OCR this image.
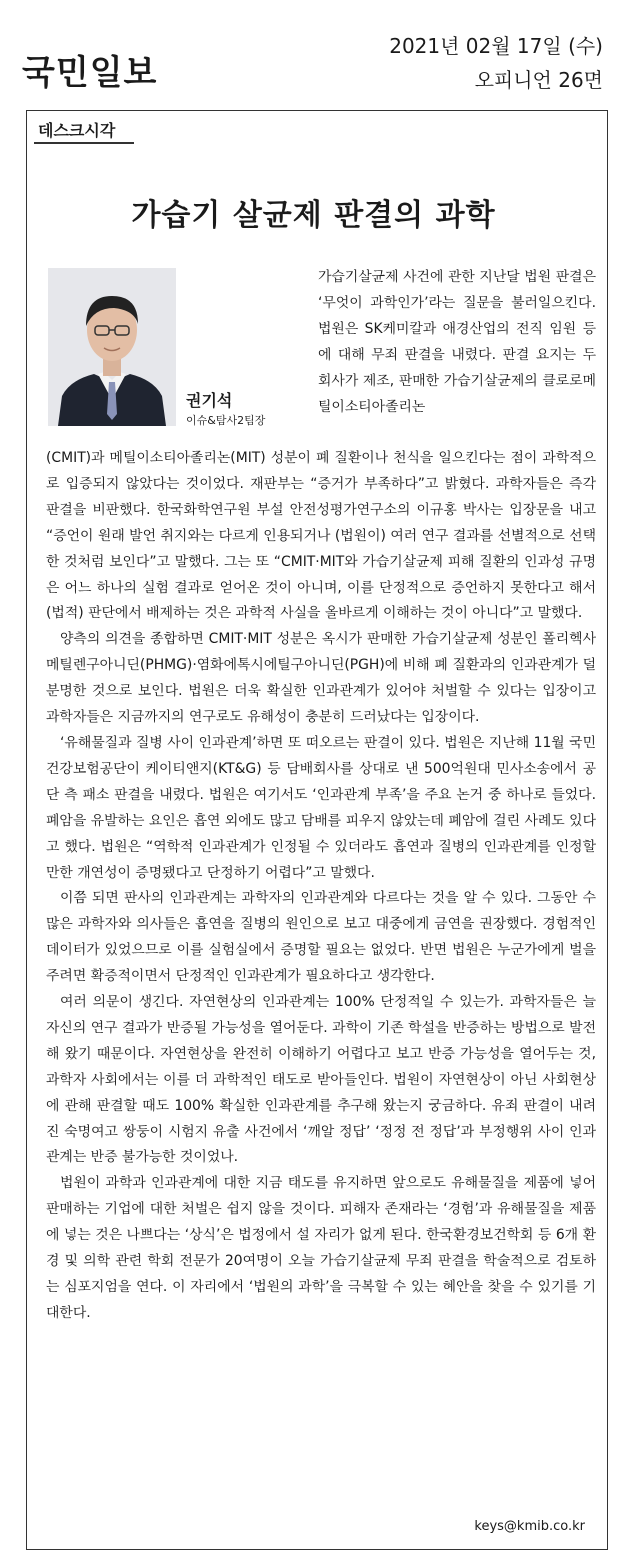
국민일보
2021년 02월 17일 (수)
오피니언 26면
데스크시각
가습기 살균제 판결의 과학
권기석
이슈&탐사2팀장
가습기살균제 사건에 관한 지난달 법원 판결은 ‘무엇이 과학인가’라는 질문을 불러일으킨다. 법원은 SK케미칼과 애경산업의 전직 임원 등에 대해 무죄 판결을 내렸다. 판결 요지는 두 회사가 제조, 판매한 가습기살균제의 클로로메틸이소티아졸리논

(CMIT)과 메틸이소티아졸리논(MIT) 성분이 폐 질환이나 천식을 일으킨다는 점이 과학적으로 입증되지 않았다는 것이었다. 재판부는 “증거가 부족하다”고 밝혔다. 과학자들은 즉각 판결을 비판했다. 한국화학연구원 부설 안전성평가연구소의 이규홍 박사는 입장문을 내고 “증언이 원래 발언 취지와는 다르게 인용되거나 (법원이) 여러 연구 결과를 선별적으로 선택한 것처럼 보인다”고 말했다. 그는 또 “CMIT·MIT와 가습기살균제 피해 질환의 인과성 규명은 어느 하나의 실험 결과로 얻어온 것이 아니며, 이를 단정적으로 증언하지 못한다고 해서 (법적) 판단에서 배제하는 것은 과학적 사실을 올바르게 이해하는 것이 아니다”고 말했다.

양측의 의견을 종합하면 CMIT·MIT 성분은 옥시가 판매한 가습기살균제 성분인 폴리헥사메틸렌구아니딘(PHMG)·염화에톡시에틸구아니딘(PGH)에 비해 폐 질환과의 인과관계가 덜 분명한 것으로 보인다. 법원은 더욱 확실한 인과관계가 있어야 처벌할 수 있다는 입장이고 과학자들은 지금까지의 연구로도 유해성이 충분히 드러났다는 입장이다.

‘유해물질과 질병 사이 인과관계’하면 또 떠오르는 판결이 있다. 법원은 지난해 11월 국민건강보험공단이 케이티앤지(KT&G) 등 담배회사를 상대로 낸 500억원대 민사소송에서 공단 측 패소 판결을 내렸다. 법원은 여기서도 ‘인과관계 부족’을 주요 논거 중 하나로 들었다. 폐암을 유발하는 요인은 흡연 외에도 많고 담배를 피우지 않았는데 폐암에 걸린 사례도 있다고 했다. 법원은 “역학적 인과관계가 인정될 수 있더라도 흡연과 질병의 인과관계를 인정할 만한 개연성이 증명됐다고 단정하기 어렵다”고 말했다.

이쯤 되면 판사의 인과관계는 과학자의 인과관계와 다르다는 것을 알 수 있다. 그동안 수많은 과학자와 의사들은 흡연을 질병의 원인으로 보고 대중에게 금연을 권장했다. 경험적인 데이터가 있었으므로 이를 실험실에서 증명할 필요는 없었다. 반면 법원은 누군가에게 벌을 주려면 확증적이면서 단정적인 인과관계가 필요하다고 생각한다.

여러 의문이 생긴다. 자연현상의 인과관계는 100% 단정적일 수 있는가. 과학자들은 늘 자신의 연구 결과가 반증될 가능성을 열어둔다. 과학이 기존 학설을 반증하는 방법으로 발전해 왔기 때문이다. 자연현상을 완전히 이해하기 어렵다고 보고 반증 가능성을 열어두는 것, 과학자 사회에서는 이를 더 과학적인 태도로 받아들인다. 법원이 자연현상이 아닌 사회현상에 관해 판결할 때도 100% 확실한 인과관계를 추구해 왔는지 궁금하다. 유죄 판결이 내려진 숙명여고 쌍둥이 시험지 유출 사건에서 ‘깨알 정답’ ‘정정 전 정답’과 부정행위 사이 인과관계는 반증 불가능한 것이었나.

법원이 과학과 인과관계에 대한 지금 태도를 유지하면 앞으로도 유해물질을 제품에 넣어 판매하는 기업에 대한 처벌은 쉽지 않을 것이다. 피해자 존재라는 ‘경험’과 유해물질을 제품에 넣는 것은 나쁘다는 ‘상식’은 법정에서 설 자리가 없게 된다. 한국환경보건학회 등 6개 환경 및 의학 관련 학회 전문가 20여명이 오늘 가습기살균제 무죄 판결을 학술적으로 검토하는 심포지엄을 연다. 이 자리에서 ‘법원의 과학’을 극복할 수 있는 혜안을 찾을 수 있기를 기대한다.

keys@kmib.co.kr
